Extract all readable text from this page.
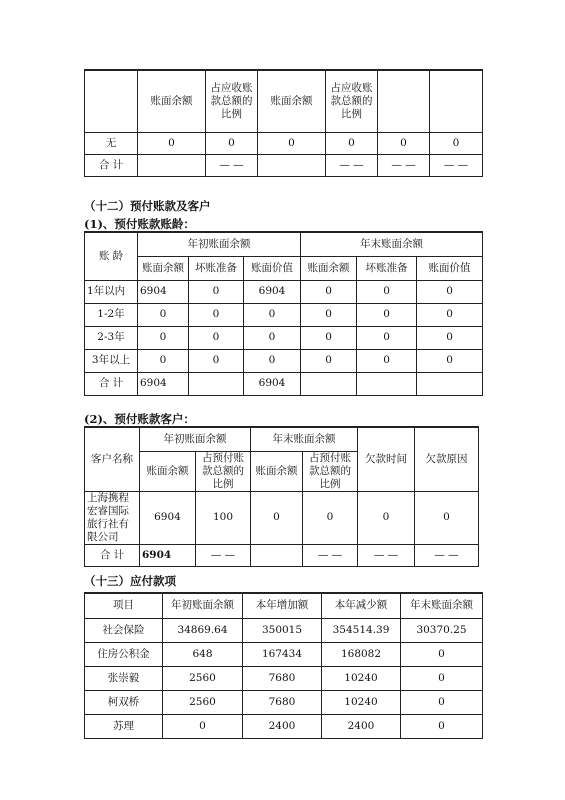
	账面余额	占应收账款总额的比例	账面余额	占应收账款总额的比例		
无	0	0	0	0	0	0
合 计		— —		— —	— —	— —
（十二）预付账款及客户
(1)、预付账款账龄：
账 龄	年初账面余额			年末账面余额		
	账面余额	坏账准备	账面价值	账面余额	坏账准备	账面价值
1年以内	6904	0	6904	0	0	0
1-2年	0	0	0	0	0	0
2-3年	0	0	0	0	0	0
3年以上	0	0	0	0	0	0
合 计	6904		6904			
(2)、预付账款客户：
客户名称	年初账面余额		年末账面余额		欠款时间	欠款原因
	账面余额	占预付账款总额的比例	账面余额	占预付账款总额的比例		
上海携程宏睿国际旅行社有限公司	6904	100	0	0	0	0
合 计	6904	— —		— —	— —	— —
（十三）应付款项
项目	年初账面余额	本年增加额	本年减少额	年末账面余额
社会保险	34869.64	350015	354514.39	30370.25
住房公积金	648	167434	168082	0
张崇毅	2560	7680	10240	0
柯双桥	2560	7680	10240	0
苏理	0	2400	2400	0
